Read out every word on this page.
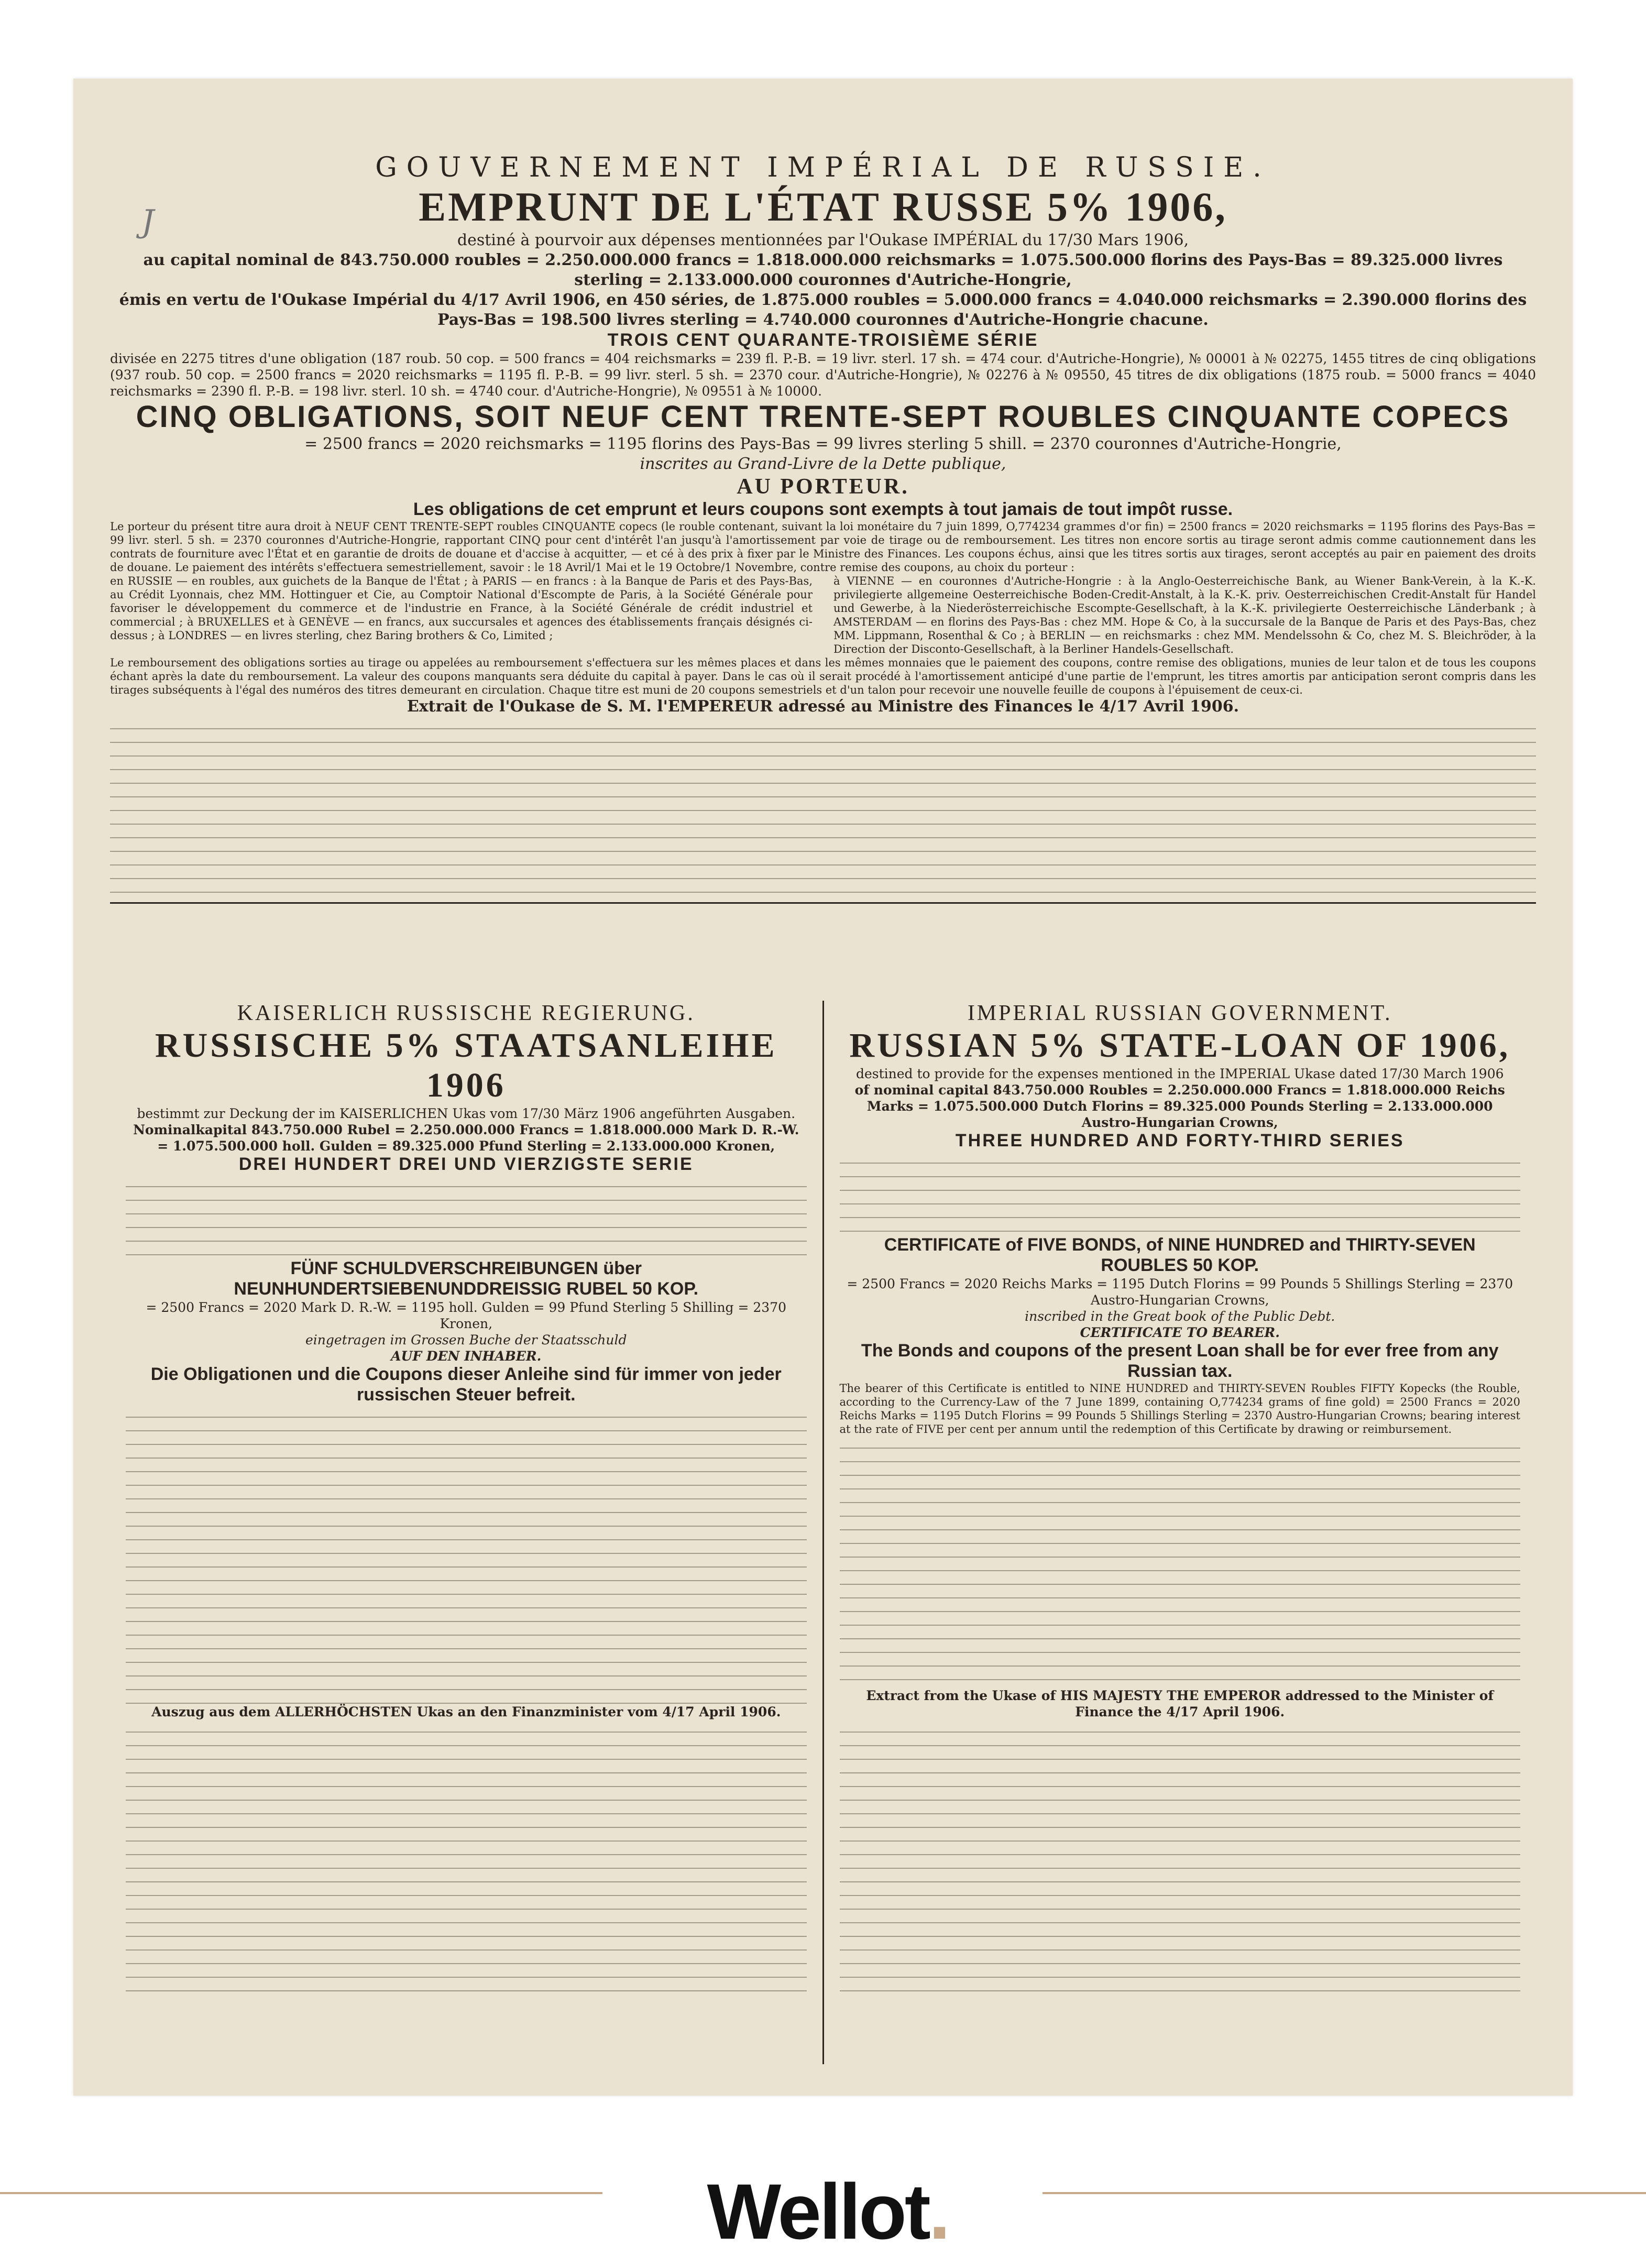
J
GOUVERNEMENT IMPÉRIAL DE RUSSIE.
EMPRUNT DE L'ÉTAT RUSSE 5% 1906,
destiné à pourvoir aux dépenses mentionnées par l'Oukase IMPÉRIAL du 17/30 Mars 1906,
au capital nominal de 843.750.000 roubles = 2.250.000.000 francs = 1.818.000.000 reichsmarks = 1.075.500.000 florins des Pays-Bas = 89.325.000 livres sterling = 2.133.000.000 couronnes d'Autriche-Hongrie,
émis en vertu de l'Oukase Impérial du 4/17 Avril 1906, en 450 séries, de 1.875.000 roubles = 5.000.000 francs = 4.040.000 reichsmarks = 2.390.000 florins des Pays-Bas = 198.500 livres sterling = 4.740.000 couronnes d'Autriche-Hongrie chacune.
TROIS CENT QUARANTE-TROISIÈME SÉRIE
divisée en 2275 titres d'une obligation (187 roub. 50 cop. = 500 francs = 404 reichsmarks = 239 fl. P.-B. = 19 livr. sterl. 17 sh. = 474 cour. d'Autriche-Hongrie), № 00001 à № 02275, 1455 titres de cinq obligations (937 roub. 50 cop. = 2500 francs = 2020 reichsmarks = 1195 fl. P.-B. = 99 livr. sterl. 5 sh. = 2370 cour. d'Autriche-Hongrie), № 02276 à № 09550, 45 titres de dix obligations (1875 roub. = 5000 francs = 4040 reichsmarks = 2390 fl. P.-B. = 198 livr. sterl. 10 sh. = 4740 cour. d'Autriche-Hongrie), № 09551 à № 10000.
CINQ OBLIGATIONS, SOIT NEUF CENT TRENTE-SEPT ROUBLES CINQUANTE COPECS
= 2500 francs = 2020 reichsmarks = 1195 florins des Pays-Bas = 99 livres sterling 5 shill. = 2370 couronnes d'Autriche-Hongrie,
inscrites au Grand-Livre de la Dette publique,
AU PORTEUR.
Les obligations de cet emprunt et leurs coupons sont exempts à tout jamais de tout impôt russe.
Le porteur du présent titre aura droit à NEUF CENT TRENTE-SEPT roubles CINQUANTE copecs (le rouble contenant, suivant la loi monétaire du 7 juin 1899, O,774234 grammes d'or fin) = 2500 francs = 2020 reichsmarks = 1195 florins des Pays-Bas = 99 livr. sterl. 5 sh. = 2370 couronnes d'Autriche-Hongrie, rapportant CINQ pour cent d'intérêt l'an jusqu'à l'amortissement par voie de tirage ou de remboursement. Les titres non encore sortis au tirage seront admis comme cautionnement dans les contrats de fourniture avec l'État et en garantie de droits de douane et d'accise à acquitter, — et cé à des prix à fixer par le Ministre des Finances. Les coupons échus, ainsi que les titres sortis aux tirages, seront acceptés au pair en paiement des droits de douane. Le paiement des intérêts s'effectuera semestriellement, savoir : le 18 Avril/1 Mai et le 19 Octobre/1 Novembre, contre remise des coupons, au choix du porteur :
en RUSSIE — en roubles, aux guichets de la Banque de l'État ; à PARIS — en francs : à la Banque de Paris et des Pays-Bas, au Crédit Lyonnais, chez MM. Hottinguer et Cie, au Comptoir National d'Escompte de Paris, à la Société Générale pour favoriser le développement du commerce et de l'industrie en France, à la Société Générale de crédit industriel et commercial ; à BRUXELLES et à GENÈVE — en francs, aux succursales et agences des établissements français désignés ci-dessus ; à LONDRES — en livres sterling, chez Baring brothers & Co, Limited ;
à VIENNE — en couronnes d'Autriche-Hongrie : à la Anglo-Oesterreichische Bank, au Wiener Bank-Verein, à la K.-K. privilegierte allgemeine Oesterreichische Boden-Credit-Anstalt, à la K.-K. priv. Oesterreichischen Credit-Anstalt für Handel und Gewerbe, à la Niederösterreichische Escompte-Gesellschaft, à la K.-K. privilegierte Oesterreichische Länderbank ; à AMSTERDAM — en florins des Pays-Bas : chez MM. Hope & Co, à la succursale de la Banque de Paris et des Pays-Bas, chez MM. Lippmann, Rosenthal & Co ; à BERLIN — en reichsmarks : chez MM. Mendelssohn & Co, chez M. S. Bleichröder, à la Direction der Disconto-Gesellschaft, à la Berliner Handels-Gesellschaft.
Le remboursement des obligations sorties au tirage ou appelées au remboursement s'effectuera sur les mêmes places et dans les mêmes monnaies que le paiement des coupons, contre remise des obligations, munies de leur talon et de tous les coupons échant après la date du remboursement. La valeur des coupons manquants sera déduite du capital à payer. Dans le cas où il serait procédé à l'amortissement anticipé d'une partie de l'emprunt, les titres amortis par anticipation seront compris dans les tirages subséquents à l'égal des numéros des titres demeurant en circulation. Chaque titre est muni de 20 coupons semestriels et d'un talon pour recevoir une nouvelle feuille de coupons à l'épuisement de ceux-ci.
Extrait de l'Oukase de S. M. l'EMPEREUR adressé au Ministre des Finances le 4/17 Avril 1906.
KAISERLICH RUSSISCHE REGIERUNG.
RUSSISCHE 5% STAATSANLEIHE 1906
bestimmt zur Deckung der im KAISERLICHEN Ukas vom 17/30 März 1906 angeführten Ausgaben.
Nominalkapital 843.750.000 Rubel = 2.250.000.000 Francs = 1.818.000.000 Mark D. R.-W. = 1.075.500.000 holl. Gulden = 89.325.000 Pfund Sterling = 2.133.000.000 Kronen,
DREI HUNDERT DREI UND VIERZIGSTE SERIE
FÜNF SCHULDVERSCHREIBUNGEN über NEUNHUNDERTSIEBENUNDDREISSIG RUBEL 50 KOP.
= 2500 Francs = 2020 Mark D. R.-W. = 1195 holl. Gulden = 99 Pfund Sterling 5 Shilling = 2370 Kronen,
eingetragen im Grossen Buche der Staatsschuld
AUF DEN INHABER.
Die Obligationen und die Coupons dieser Anleihe sind für immer von jeder russischen Steuer befreit.
Auszug aus dem ALLERHÖCHSTEN Ukas an den Finanzminister vom 4/17 April 1906.
IMPERIAL RUSSIAN GOVERNMENT.
RUSSIAN 5% STATE-LOAN OF 1906,
destined to provide for the expenses mentioned in the IMPERIAL Ukase dated 17/30 March 1906
of nominal capital 843.750.000 Roubles = 2.250.000.000 Francs = 1.818.000.000 Reichs Marks = 1.075.500.000 Dutch Florins = 89.325.000 Pounds Sterling = 2.133.000.000 Austro-Hungarian Crowns,
THREE HUNDRED AND FORTY-THIRD SERIES
CERTIFICATE of FIVE BONDS, of NINE HUNDRED and THIRTY-SEVEN ROUBLES 50 KOP.
= 2500 Francs = 2020 Reichs Marks = 1195 Dutch Florins = 99 Pounds 5 Shillings Sterling = 2370 Austro-Hungarian Crowns,
inscribed in the Great book of the Public Debt.
CERTIFICATE TO BEARER.
The Bonds and coupons of the present Loan shall be for ever free from any Russian tax.
The bearer of this Certificate is entitled to NINE HUNDRED and THIRTY-SEVEN Roubles FIFTY Kopecks (the Rouble, according to the Currency-Law of the 7 June 1899, containing O,774234 grams of fine gold) = 2500 Francs = 2020 Reichs Marks = 1195 Dutch Florins = 99 Pounds 5 Shillings Sterling = 2370 Austro-Hungarian Crowns; bearing interest at the rate of FIVE per cent per annum until the redemption of this Certificate by drawing or reimbursement.
Extract from the Ukase of HIS MAJESTY THE EMPEROR addressed to the Minister of Finance the 4/17 April 1906.
Wellot.
